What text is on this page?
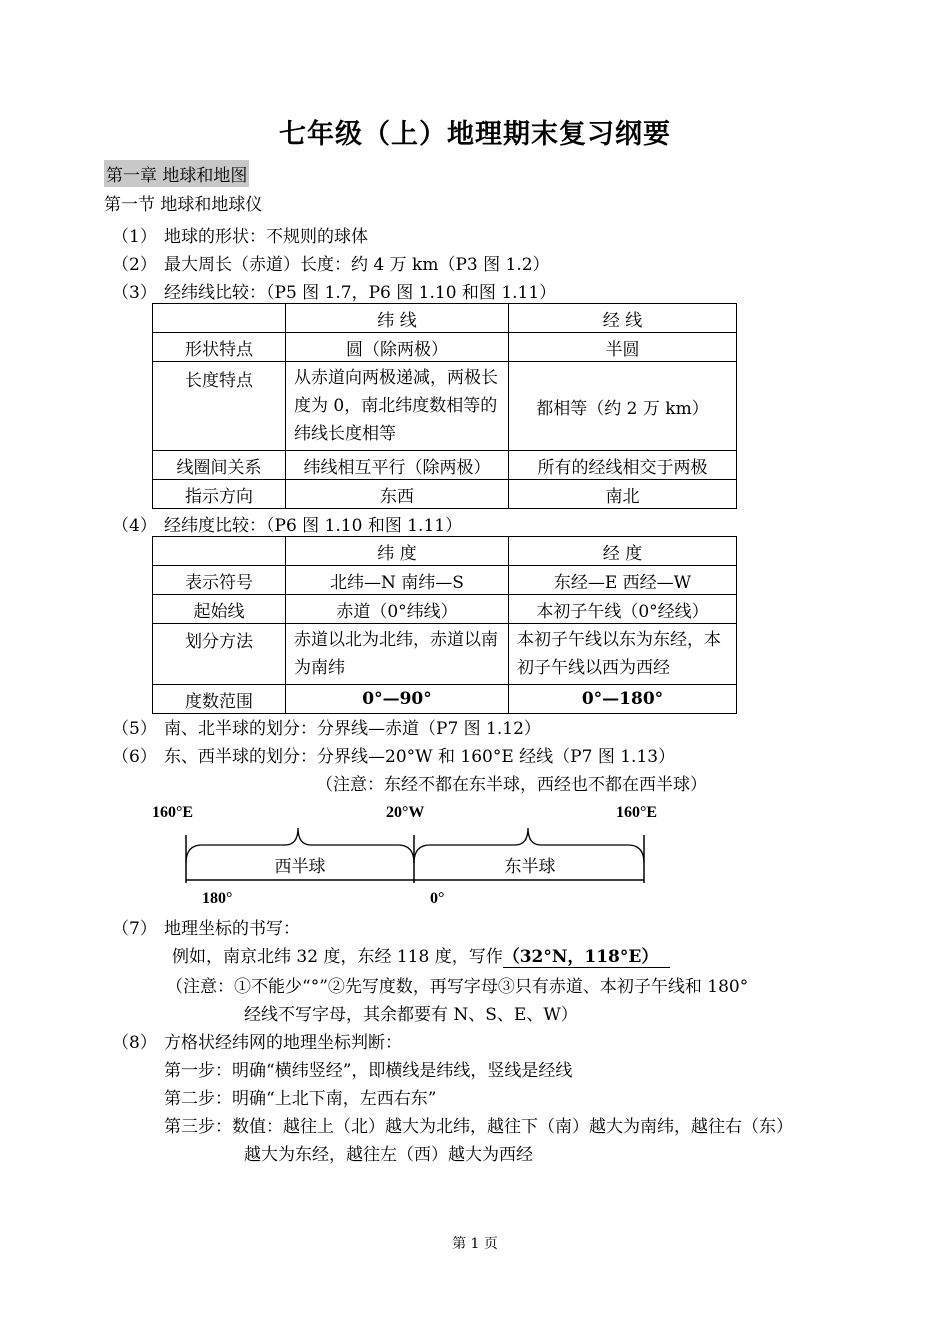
七年级（上）地理期末复习纲要
第一章 地球和地图
第一节 地球和地球仪
（1） 地球的形状：不规则的球体
（2） 最大周长（赤道）长度：约 4 万 km（P3 图 1.2）
（3） 经纬线比较：（P5 图 1.7，P6 图 1.10 和图 1.11）
	纬 线	经 线
形状特点	圆（除两极）	半圆
长度特点	从赤道向两极递减，两极长度为 0，南北纬度数相等的纬线长度相等	都相等（约 2 万 km）
线圈间关系	纬线相互平行（除两极）	所有的经线相交于两极
指示方向	东西	南北
（4） 经纬度比较：（P6 图 1.10 和图 1.11）
	纬 度	经 度
表示符号	北纬—N 南纬—S	东经—E 西经—W
起始线	赤道（0°纬线）	本初子午线（0°经线）
划分方法	赤道以北为北纬，赤道以南为南纬	本初子午线以东为东经，本初子午线以西为西经
度数范围	0°—90°	0°—180°
（5） 南、北半球的划分：分界线—赤道（P7 图 1.12）
（6） 东、西半球的划分：分界线—20°W 和 160°E 经线（P7 图 1.13）
（注意：东经不都在东半球，西经也不都在西半球）
160°E	20°W	160°E
西半球	东半球
180°	0°
（7） 地理坐标的书写：
例如，南京北纬 32 度，东经 118 度，写作（32°N，118°E）
（注意：①不能少“°”②先写度数，再写字母③只有赤道、本初子午线和 180°
经线不写字母，其余都要有 N、S、E、W）
（8） 方格状经纬网的地理坐标判断：
第一步：明确“横纬竖经”，即横线是纬线，竖线是经线
第二步：明确“上北下南，左西右东”
第三步：数值：越往上（北）越大为北纬，越往下（南）越大为南纬，越往右（东）
越大为东经，越往左（西）越大为西经
第 1 页
